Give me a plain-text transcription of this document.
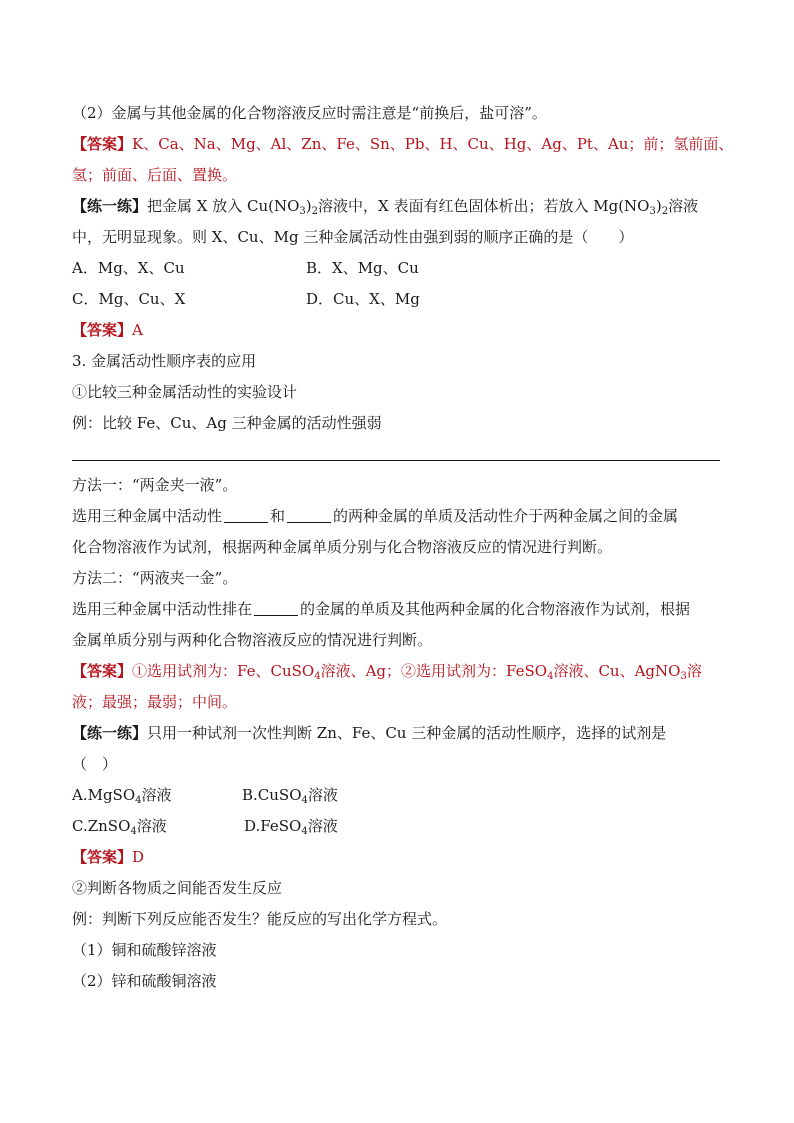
（2）金属与其他金属的化合物溶液反应时需注意是“前换后，盐可溶”。
【答案】K、Ca、Na、Mg、Al、Zn、Fe、Sn、Pb、H、Cu、Hg、Ag、Pt、Au；前；氢前面、
氢；前面、后面、置换。
【练一练】把金属 X 放入 $Cu(NO_3)_2$溶液中，X 表面有红色固体析出；若放入 $Mg(NO_3)_2$溶液
中，无明显现象。则 X、Cu、Mg 三种金属活动性由强到弱的顺序正确的是（　　）
A．Mg、X、Cu	B．X、Mg、Cu
C．Mg、Cu、X	D．Cu、X、Mg
【答案】A
3. 金属活动性顺序表的应用
①比较三种金属活动性的实验设计
例：比较 Fe、Cu、Ag 三种金属的活动性强弱
方法一：“两金夹一液”。
选用三种金属中活动性	和	的两种金属的单质及活动性介于两种金属之间的金属
化合物溶液作为试剂，根据两种金属单质分别与化合物溶液反应的情况进行判断。
方法二：“两液夹一金”。
选用三种金属中活动性排在	的金属的单质及其他两种金属的化合物溶液作为试剂，根据
金属单质分别与两种化合物溶液反应的情况进行判断。
【答案】①选用试剂为：Fe、CuSO$_4$溶液、Ag；②选用试剂为：FeSO$_4$溶液、Cu、AgNO$_3$溶
液；最强；最弱；中间。
【练一练】只用一种试剂一次性判断 Zn、Fe、Cu 三种金属的活动性顺序，选择的试剂是
（　）
A.MgSO$_4$溶液	B.CuSO$_4$溶液
C.ZnSO$_4$溶液	D.FeSO$_4$溶液
【答案】D
②判断各物质之间能否发生反应
例：判断下列反应能否发生？能反应的写出化学方程式。
（1）铜和硫酸锌溶液
（2）锌和硫酸铜溶液
